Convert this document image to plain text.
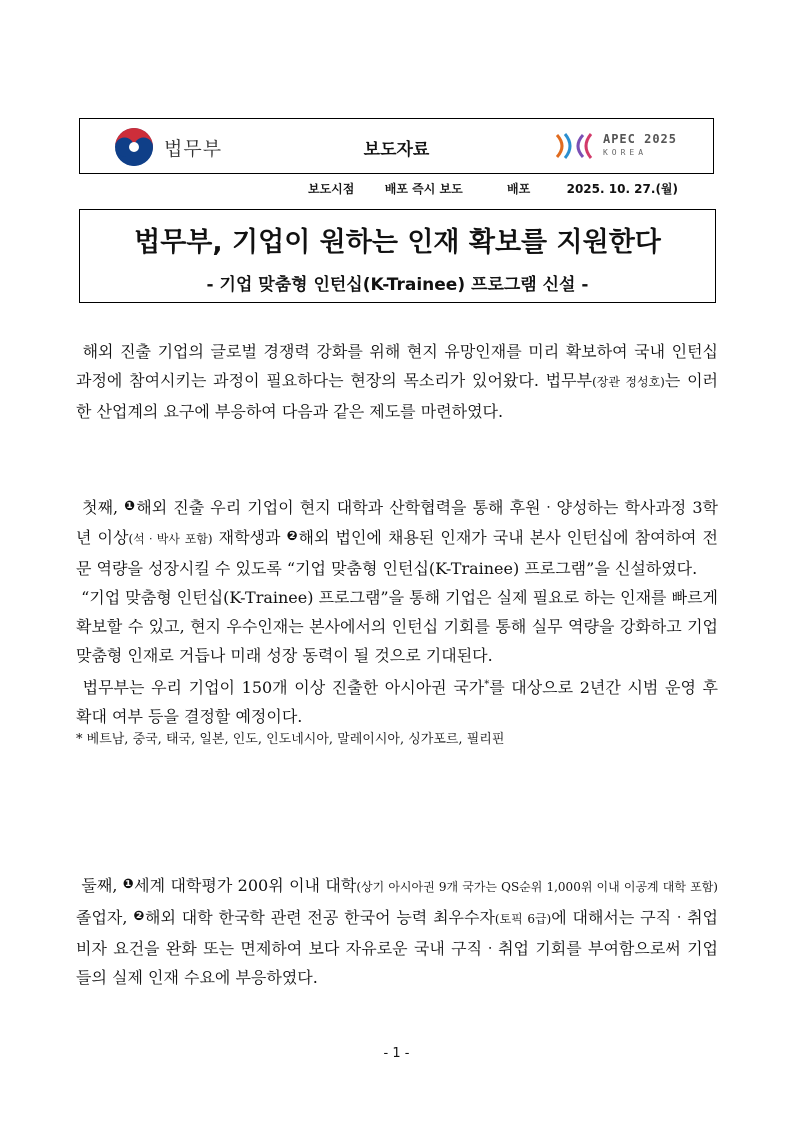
법무부	보도자료
APEC 2025
KOREA
보도시점	배포 즉시 보도	배포	2025. 10. 27.(월)
법무부, 기업이 원하는 인재 확보를 지원한다
- 기업 맞춤형 인턴십(K-Trainee) 프로그램 신설 -

해외 진출 기업의 글로벌 경쟁력 강화를 위해 현지 유망인재를 미리 확보하여 국내 인턴십 과정에 참여시키는 과정이 필요하다는 현장의 목소리가 있어왔다. 법무부(장관 정성호)는 이러한 산업계의 요구에 부응하여 다음과 같은 제도를 마련하였다.

첫째, ❶해외 진출 우리 기업이 현지 대학과 산학협력을 통해 후원‧양성하는 학사과정 3학년 이상(석‧박사 포함) 재학생과 ❷해외 법인에 채용된 인재가 국내 본사 인턴십에 참여하여 전문 역량을 성장시킬 수 있도록 “기업 맞춤형 인턴십(K-Trainee) 프로그램”을 신설하였다.

“기업 맞춤형 인턴십(K-Trainee) 프로그램”을 통해 기업은 실제 필요로 하는 인재를 빠르게 확보할 수 있고, 현지 우수인재는 본사에서의 인턴십 기회를 통해 실무 역량을 강화하고 기업 맞춤형 인재로 거듭나 미래 성장 동력이 될 것으로 기대된다.

법무부는 우리 기업이 150개 이상 진출한 아시아권 국가*를 대상으로 2년간 시범 운영 후 확대 여부 등을 결정할 예정이다.

* 베트남, 중국, 태국, 일본, 인도, 인도네시아, 말레이시아, 싱가포르, 필리핀

둘째, ❶세계 대학평가 200위 이내 대학(상기 아시아권 9개 국가는 QS순위 1,000위 이내 이공계 대학 포함) 졸업자, ❷해외 대학 한국학 관련 전공 한국어 능력 최우수자(토픽 6급)에 대해서는 구직‧취업 비자 요건을 완화 또는 면제하여 보다 자유로운 국내 구직‧취업 기회를 부여함으로써 기업들의 실제 인재 수요에 부응하였다.

- 1 -
